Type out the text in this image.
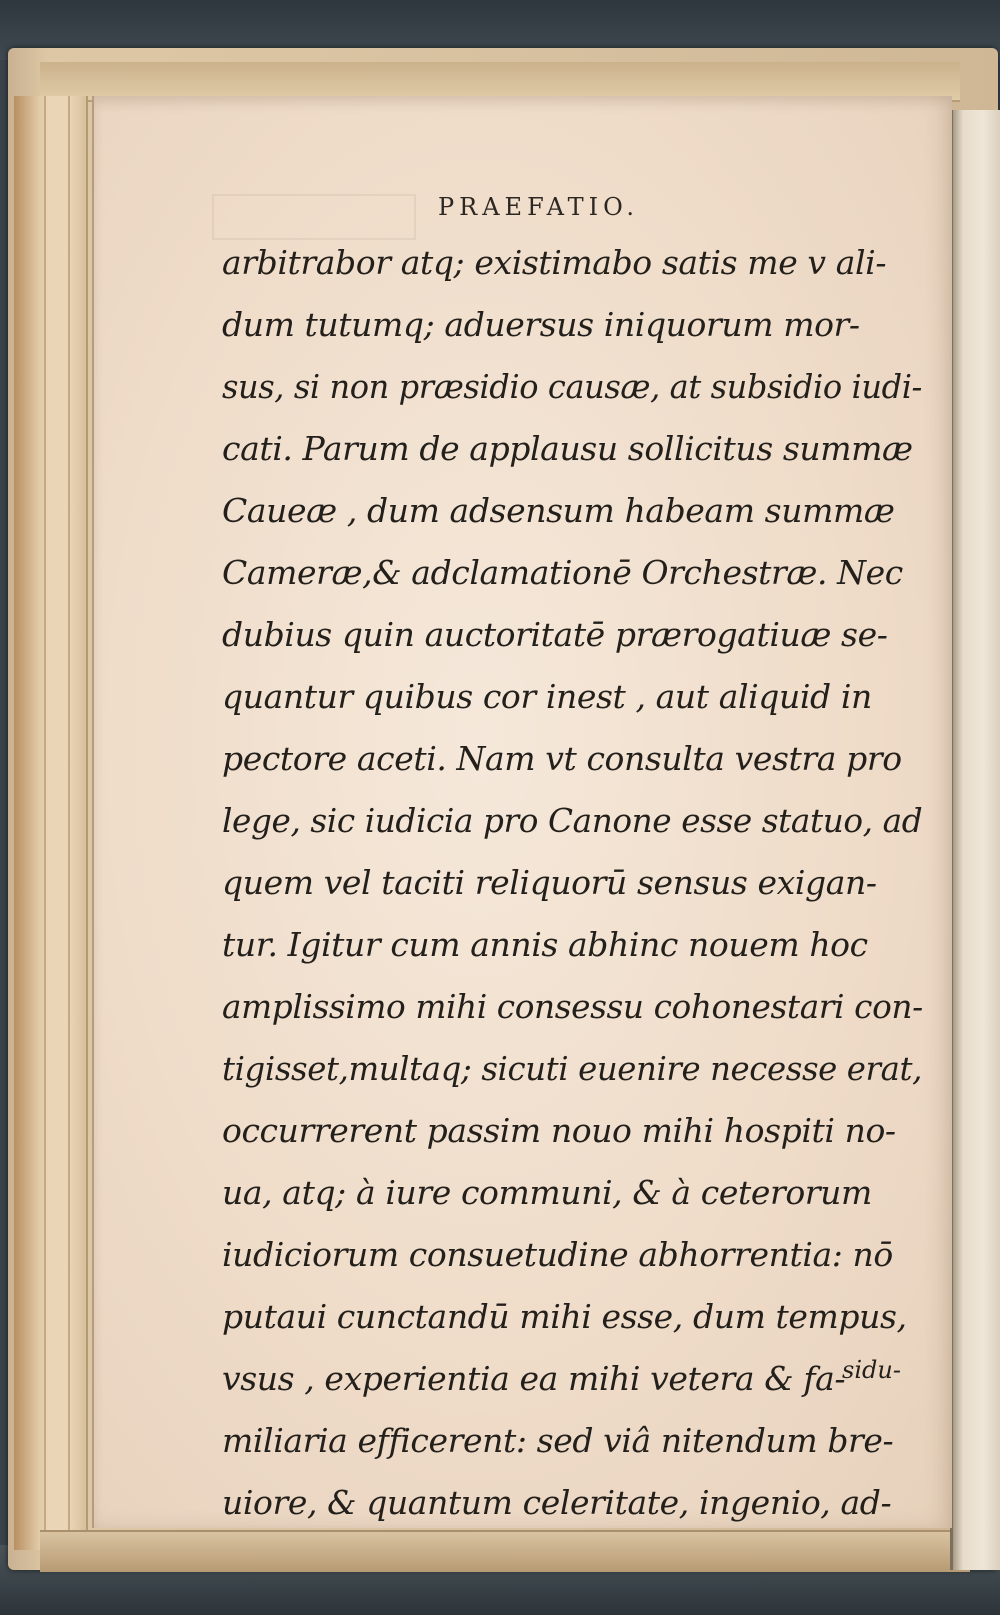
PRAEFATIO.
arbitrabor atq; existimabo satis me v ali-
dum tutumq; aduersus iniquorum mor-
sus, si non præsidio causæ, at subsidio iudi-
cati. Parum de applausu sollicitus summæ
Caueæ , dum adsensum habeam summæ
Cameræ,& adclamationē Orchestræ. Nec
dubius quin auctoritatē prærogatiuæ se-
quantur quibus cor inest , aut aliquid in
pectore aceti. Nam vt consulta vestra pro
lege, sic iudicia pro Canone esse statuo, ad
quem vel taciti reliquorū sensus exigan-
tur. Igitur cum annis abhinc nouem hoc
amplissimo mihi consessu cohonestari con-
tigisset,multaq; sicuti euenire necesse erat,
occurrerent passim nouo mihi hospiti no-
ua, atq; à iure communi, & à ceterorum
iudiciorum consuetudine abhorrentia: nō
putaui cunctandū mihi esse, dum tempus,
vsus , experientia ea mihi vetera & fa-
miliaria efficerent: sed viâ nitendum bre-
uiore, & quantum celeritate, ingenio, ad-
sidu-
